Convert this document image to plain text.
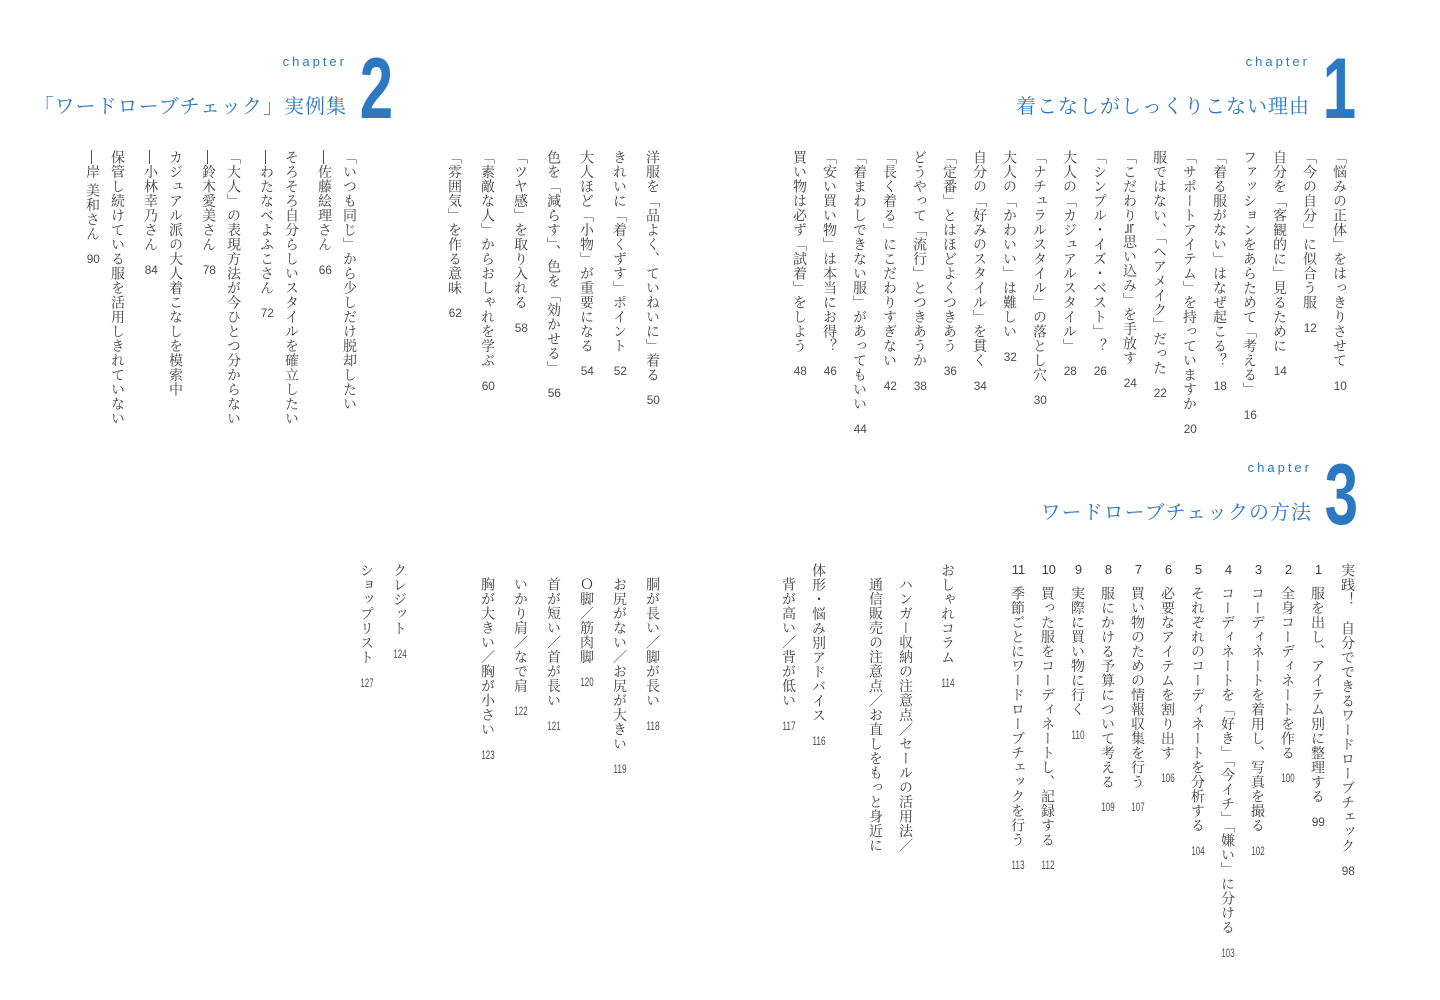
chapter
着こなしがしっくりこない理由 1
「悩みの正体」をはっきりさせて10
「今の自分」に似合う服12
自分を「客観的に」見るために14
ファッションをあらためて「考える」16
「着る服がない」はなぜ起こる？18
「サポートアイテム」を持っていますか20
服ではない、「ヘアメイク」だった22
「こだわり≒思い込み」を手放す24
「シンプル・イズ・ベスト」？26
大人の「カジュアルスタイル」28
「ナチュラルスタイル」の落とし穴30
大人の「かわいい」は難しい32
自分の「好みのスタイル」を貫く34
「定番」とはほどよくつきあう36
どうやって「流行」とつきあうか38
「長く着る」にこだわりすぎない42
「着まわしできない服」があってもいい44
「安い買い物」は本当にお得？46
買い物は必ず「試着」をしよう48
chapter
ワードローブチェックの方法 3
実践！　自分でできるワードローブチェック98
1服を出し、アイテム別に整理する99
2全身コーディネートを作る100
3コーディネートを着用し、写真を撮る102
4コーディネートを「好き」「今イチ」「嫌い」に分ける103
5それぞれのコーディネートを分析する104
6必要なアイテムを割り出す106
7買い物のための情報収集を行う107
8服にかける予算について考える109
9実際に買い物に行く110
10買った服をコーディネートし、記録する112
11季節ごとにワードローブチェックを行う113
おしゃれコラム114
ハンガー収納の注意点／セールの活用法／
通信販売の注意点／お直しをもっと身近に
体形・悩み別アドバイス116
背が高い／背が低い117
chapter
「ワードローブチェック」実例集 2
洋服を「品よく、ていねいに」着る50
きれいに「着くずす」ポイント52
大人ほど「小物」が重要になる54
色を「減らす」、色を「効かせる」56
「ツヤ感」を取り入れる58
「素敵な人」からおしゃれを学ぶ60
「雰囲気」を作る意味62
「いつも同じ」から少しだけ脱却したい
―佐藤絵理さん66
そろそろ自分らしいスタイルを確立したい
―わたなべよふこさん72
「大人」の表現方法が今ひとつ分からない
―鈴木愛美さん78
カジュアル派の大人着こなしを模索中
―小林幸乃さん84
保管し続けている服を活用しきれていない
―岸 美和さん90
胴が長い／脚が長い118
お尻がない／お尻が大きい119
Ｏ脚／筋肉脚120
首が短い／首が長い121
いかり肩／なで肩122
胸が大きい／胸が小さい123
クレジット124
ショップリスト127
